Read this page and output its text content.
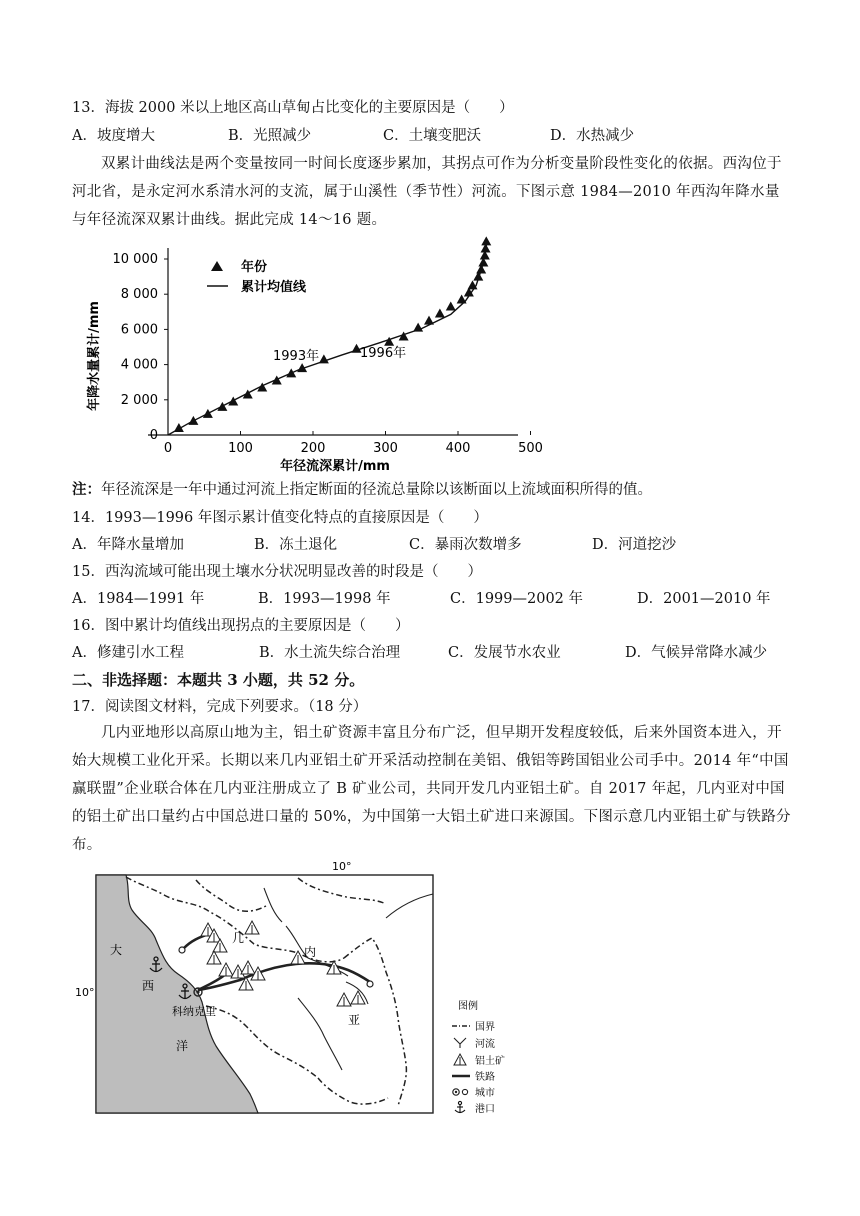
13．海拔 2000 米以上地区高山草甸占比变化的主要原因是（　　）
A．坡度增大	B．光照减少	C．土壤变肥沃	D．水热减少
双累计曲线法是两个变量按同一时间长度逐步累加，其拐点可作为分析变量阶段性变化的依据。西沟位于河北省，是永定河水系清水河的支流，属于山溪性（季节性）河流。下图示意 1984—2010 年西沟年降水量与年径流深双累计曲线。据此完成 14～16 题。
年降水量累计/mm
0
2 000
4 000
6 000
8 000
10 000
0	100	200	300	400	500
年份
累计均值线
1993年	1996年
年径流深累计/mm
注：年径流深是一年中通过河流上指定断面的径流总量除以该断面以上流域面积所得的值。
14．1993—1996 年图示累计值变化特点的直接原因是（　　）
A．年降水量增加	B．冻土退化	C．暴雨次数增多	D．河道挖沙
15．西沟流域可能出现土壤水分状况明显改善的时段是（　　）
A．1984—1991 年	B．1993—1998 年	C．1999—2002 年	D．2001—2010 年
16．图中累计均值线出现拐点的主要原因是（　　）
A．修建引水工程	B．水土流失综合治理	C．发展节水农业	D．气候异常降水减少
二、非选择题：本题共 3 小题，共 52 分。
17．阅读图文材料，完成下列要求。（18 分）
几内亚地形以高原山地为主，铝土矿资源丰富且分布广泛，但早期开发程度较低，后来外国资本进入，开始大规模工业化开采。长期以来几内亚铝土矿开采活动控制在美铝、俄铝等跨国铝业公司手中。2014 年“中国赢联盟”企业联合体在几内亚注册成立了 B 矿业公司，共同开发几内亚铝土矿。自 2017 年起，几内亚对中国的铝土矿出口量约占中国总进口量的 50%，为中国第一大铝土矿进口来源国。下图示意几内亚铝土矿与铁路分布。
10°
10°
科纳克里
大
西
洋
几
内
亚
图例
国界
河流
铝土矿
铁路
城市
港口
